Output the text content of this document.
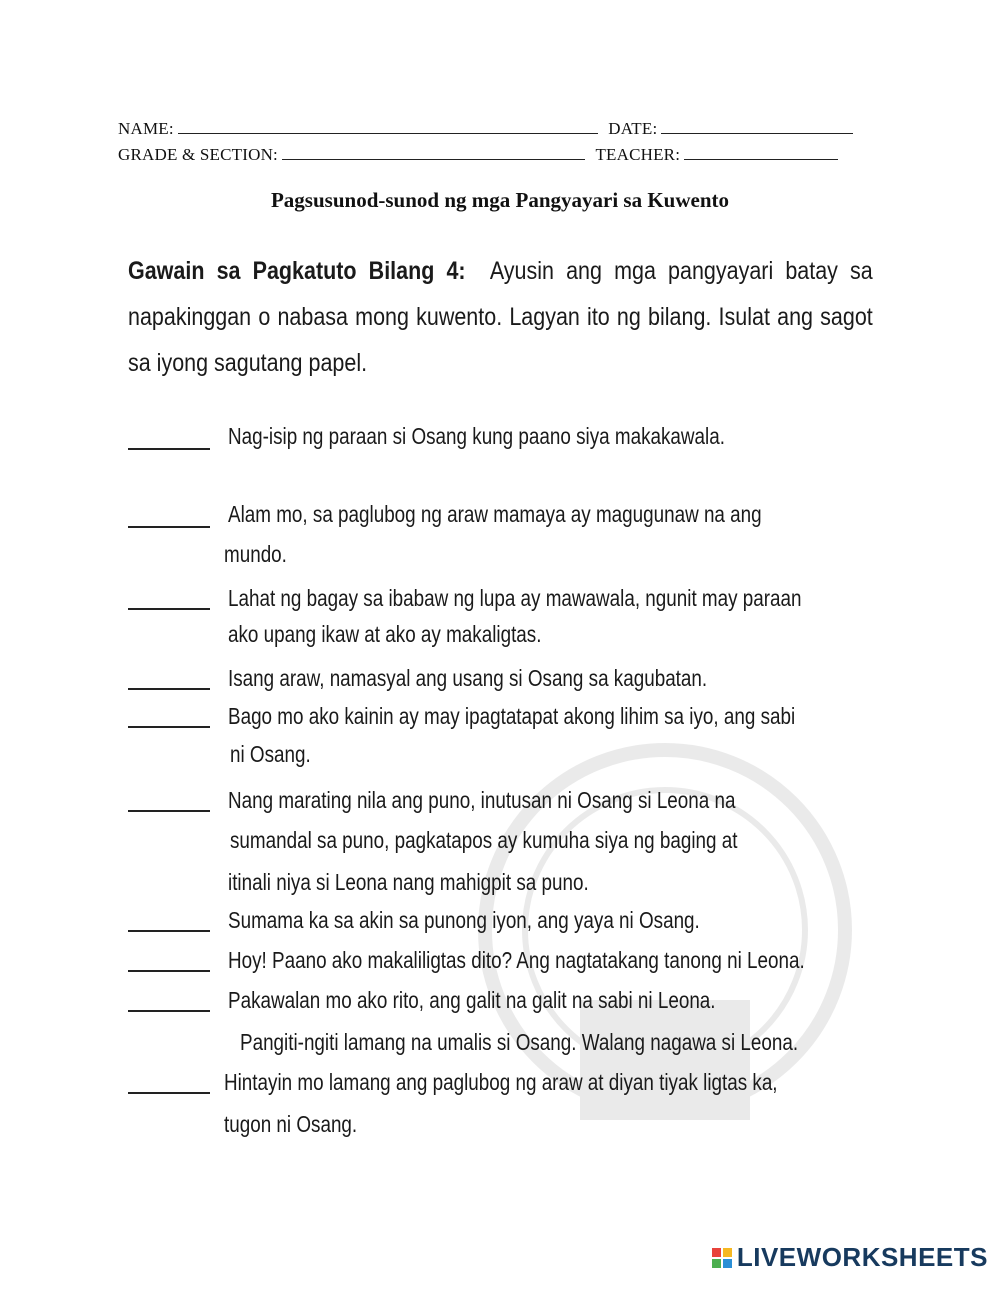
NAME:	DATE:
GRADE & SECTION:	TEACHER:
Pagsusunod-sunod ng mga Pangyayari sa Kuwento
Gawain sa Pagkatuto Bilang 4: Ayusin ang mga pangyayari batay sa napakinggan o nabasa mong kuwento. Lagyan ito ng bilang. Isulat ang sagot sa iyong sagutang papel.
Nag-isip ng paraan si Osang kung paano siya makakawala.
Alam mo, sa paglubog ng araw mamaya ay magugunaw na ang
mundo.
Lahat ng bagay sa ibabaw ng lupa ay mawawala, ngunit may paraan
ako upang ikaw at ako ay makaligtas.
Isang araw, namasyal ang usang si Osang sa kagubatan.
Bago mo ako kainin ay may ipagtatapat akong lihim sa iyo, ang sabi
ni Osang.
Nang marating nila ang puno, inutusan ni Osang si Leona na
sumandal sa puno, pagkatapos ay kumuha siya ng baging at
itinali niya si Leona nang mahigpit sa puno.
Sumama ka sa akin sa punong iyon, ang yaya ni Osang.
Hoy! Paano ako makaliligtas dito? Ang nagtatakang tanong ni Leona.
Pakawalan mo ako rito, ang galit na galit na sabi ni Leona.
Pangiti-ngiti lamang na umalis si Osang. Walang nagawa si Leona.
Hintayin mo lamang ang paglubog ng araw at diyan tiyak ligtas ka,
tugon ni Osang.
LIVEWORKSHEETS
